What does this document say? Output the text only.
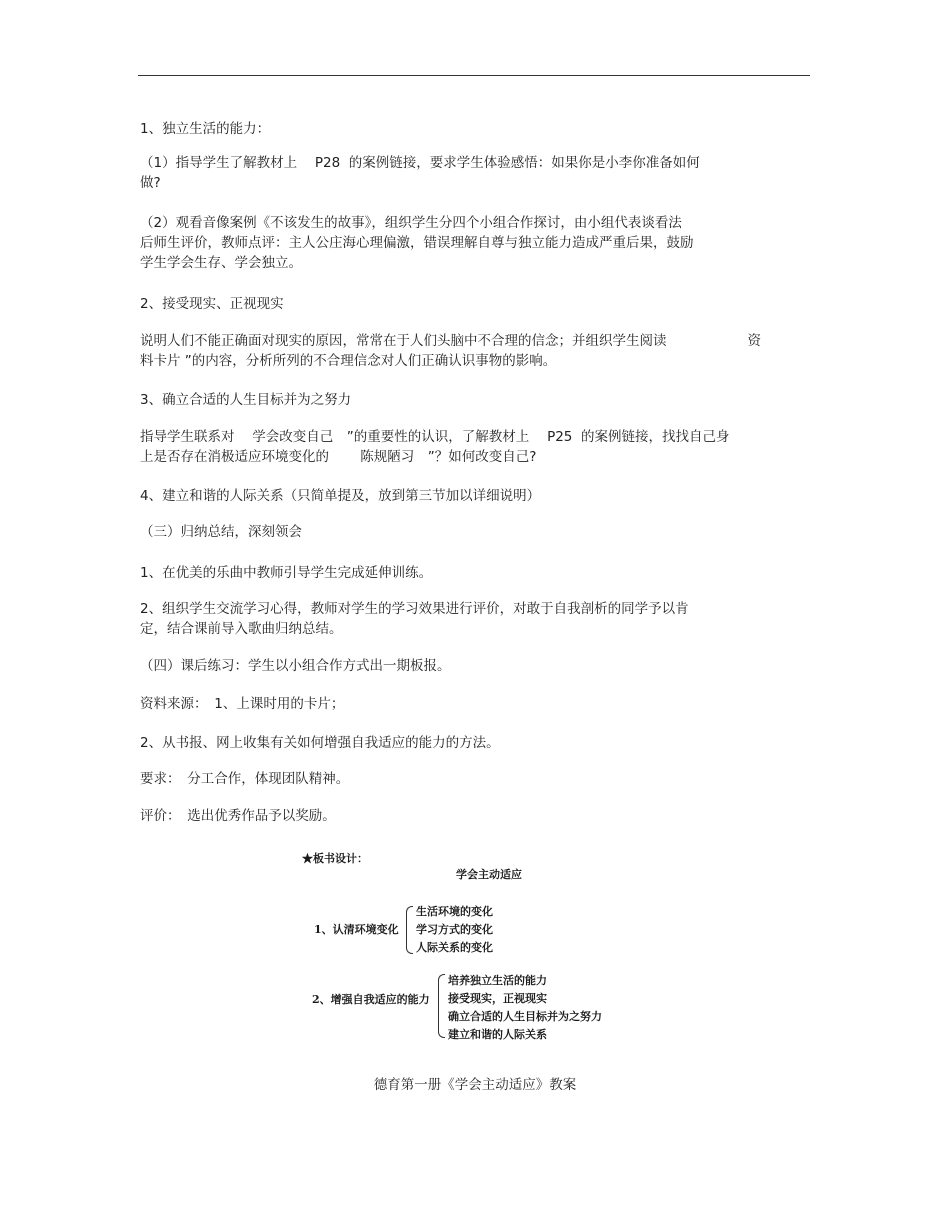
1、独立生活的能力：
（1）指导学生了解教材上　 P28  的案例链接，要求学生体验感悟：如果你是小李你准备如何
做?
（2）观看音像案例《不该发生的故事》，组织学生分四个小组合作探讨，由小组代表谈看法
后师生评价，教师点评：主人公庄海心理偏激，错误理解自尊与独立能力造成严重后果，鼓励
学生学会生存、学会独立。
2、接受现实、正视现实
说明人们不能正确面对现实的原因，常常在于人们头脑中不合理的信念；并组织学生阅读　　　　　　资
料卡片 ”的内容，分析所列的不合理信念对人们正确认识事物的影响。
3、确立合适的人生目标并为之努力
指导学生联系对　 学会改变自己　”的重要性的认识，了解教材上　 P25  的案例链接，找找自己身
上是否存在消极适应环境变化的　　 陈规陋习　”？如何改变自己?
4、建立和谐的人际关系（只简单提及，放到第三节加以详细说明）
（三）归纳总结，深刻领会
1、在优美的乐曲中教师引导学生完成延伸训练。
2、组织学生交流学习心得，教师对学生的学习效果进行评价，对敢于自我剖析的同学予以肯
定，结合课前导入歌曲归纳总结。
（四）课后练习：学生以小组合作方式出一期板报。
资料来源：　1、上课时用的卡片；
2、从书报、网上收集有关如何增强自我适应的能力的方法。
要求：　分工合作，体现团队精神。
评价：　选出优秀作品予以奖励。
★板书设计：
学会主动适应
1、认清环境变化
生活环境的变化
学习方式的变化
人际关系的变化
2、增强自我适应的能力
培养独立生活的能力
接受现实，正视现实
确立合适的人生目标并为之努力
建立和谐的人际关系
德育第一册《学会主动适应》教案
